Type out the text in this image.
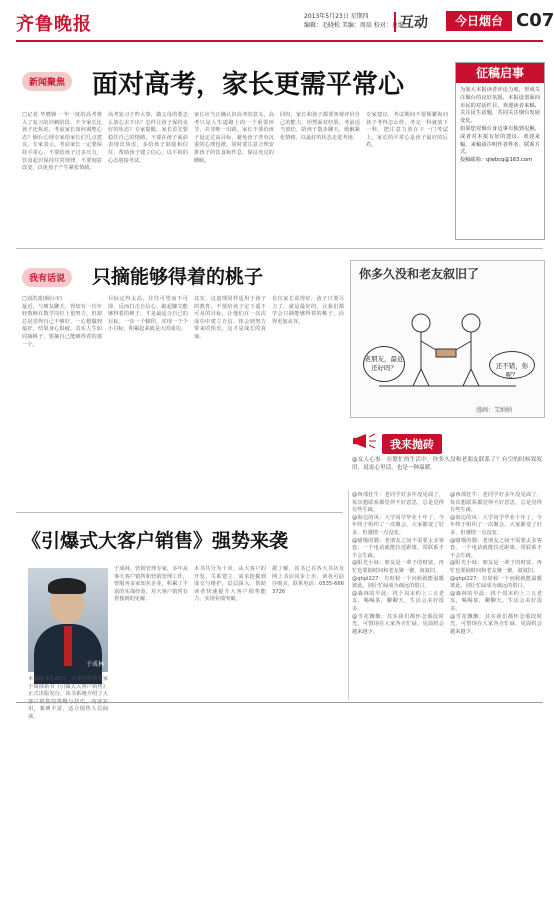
齐鲁晚报	2013年5月23日 星期四
编辑：毛晓松 美编：周辰 校对：夏维
互动	今日烟台 C07
新闻聚焦 面对高考，家长更需平常心
□记者 毕晓锋 一年一度的高考将入了复习的冲刺阶段，不少家长比孩子还焦虑，考前家长如何调整心态？烟台心理专家给家长们几点建议。专家表示，考前家长一定要保持平常心，不要给孩子过多压力，饮食起居保持往常规律，不要刻意改变，以免孩子产生紧张情绪。
高考复习于昨大事，做父母的要怎么放心去不出？怎样让孩子保持良好的状态？专家提醒，家长首先要稳住自己的情绪，不要在孩子面前表现出焦虑，多给孩子鼓励和信任，帮助孩子建立信心，以平和的心态迎接考试。
家长应当正确认识高考的意义，高考只是人生道路上的一个重要环节，并非唯一出路。家长不要给孩子设定过高目标，避免孩子背负沉重的心理包袱。同时要注意合理安排孩子的饮食和作息，保证充足的睡眠。
同时，家长和孩子都要客观评价自己的能力，坦然面对结果。考前适当放松，陪孩子散步聊天，缓解紧张情绪，以最好的状态走进考场。
专家建议，考试期间不要频繁询问孩子考得怎么样，考完一科就放下一科，把注意力放在下一门考试上。家长的平常心是孩子最好的后盾。
征稿启事
为加大本报读者评论力度，形成关注烟台的良好氛围，本报设置面向市民的对话栏目，欢迎读者来稿，关注民生话题，共同关注烟台发展变化。
如果您对烟台身边事有独到见解，或者对本报有好的建议，欢迎来稿。来稿请注明作者姓名、联系方式。
投稿邮箱：qlwbcq@163.com
我有话说	只摘能够得着的桃子
□刘洪波(烟台市)
最近，与朋友聊天，得知有一位年轻教师在教学岗位上很努力，但却总是觉得自己不够好，一心想做到最好，结果身心俱疲。其实人生如同摘桃子，要摘自己能够得着的那一个。
目标定得太高，往往可望而不可即，反而打击自信心。踮起脚尖能够得着的桃子，才是最适合自己的目标。一步一个脚印，实现一个个小目标，积累起来就是大的成功。
其实，这道理同样适用于孩子的教育。不要给孩子定下遥不可及的目标，让他们在一次次成功中建立自信，体会到努力带来的快乐，这才是成长的真谛。
有位家长说得好，孩子只要尽力了，就是最好的。让我们都学会只摘能够得着的桃子，活得更加从容。
你多久没和老友叙旧了
老朋友，最近还好吗？	还不错，你呢？
漫画：艾纳纳
我来抛砖
@女人心事：在繁忙的生活中，你多久没和老朋友联系了？有空的时候叙叙旧，说说心里话，也是一种温暖。
《引爆式大客户销售》强势来袭
于成林
本报讯 5月23日，实战型营销专家于成林新书《引爆式大客户销售》正式出版发行。该书系统介绍了大 用，案例丰富，适合销售人员阅读。
于成林，营销管理专家，多年从事大客户销售和营销管理工作，曾服务多家知名企业，积累了丰富的实战经验，对大客户销售有着独到的见解。
本书共分为十章，从大客户的开发、关系建立、需求挖掘到成交与维护，层层深入，帮助读者快速提升大客户销售能力，实现业绩突破。
据了解，该书已在各大书店及网上书店同步上市，读者可前往购买。联系电话：0535-6663726
@西部狂牛：老同学好多年没见面了，每次想联系都觉得不好意思，总是觉得有些生疏。
@海边的风：大学同学毕业十年了，今年终于组织了一次聚会，大家都变了好多，但感情一点没变。
@喵喵的猫：老朋友之间不需要太多客套，一个电话就能拉近距离，常联系才不会生疏。
@阳光小妹：朋友是一辈子的财富，再忙也要抽时间和老友聚一聚，叙叙旧。
@qhpl227：有时候一个问候就能温暖彼此，别让忙碌成为疏远的借口。
@森林的早晨：找个周末约上三五老友，喝喝茶，聊聊天，生活会美好很多。
@雪花飘飘：其实我们都怀念那段时光，可惜现在大家各自忙碌，见面机会越来越少。
@西部狂牛：老同学好多年没见面了，每次想联系都觉得不好意思，总是觉得有些生疏。
@海边的风：大学同学毕业十年了，今年终于组织了一次聚会，大家都变了好多，但感情一点没变。
@喵喵的猫：老朋友之间不需要太多客套，一个电话就能拉近距离，常联系才不会生疏。
@阳光小妹：朋友是一辈子的财富，再忙也要抽时间和老友聚一聚，叙叙旧。
@qhpl227：有时候一个问候就能温暖彼此，别让忙碌成为疏远的借口。
@森林的早晨：找个周末约上三五老友，喝喝茶，聊聊天，生活会美好很多。
@雪花飘飘：其实我们都怀念那段时光，可惜现在大家各自忙碌，见面机会越来越少。
